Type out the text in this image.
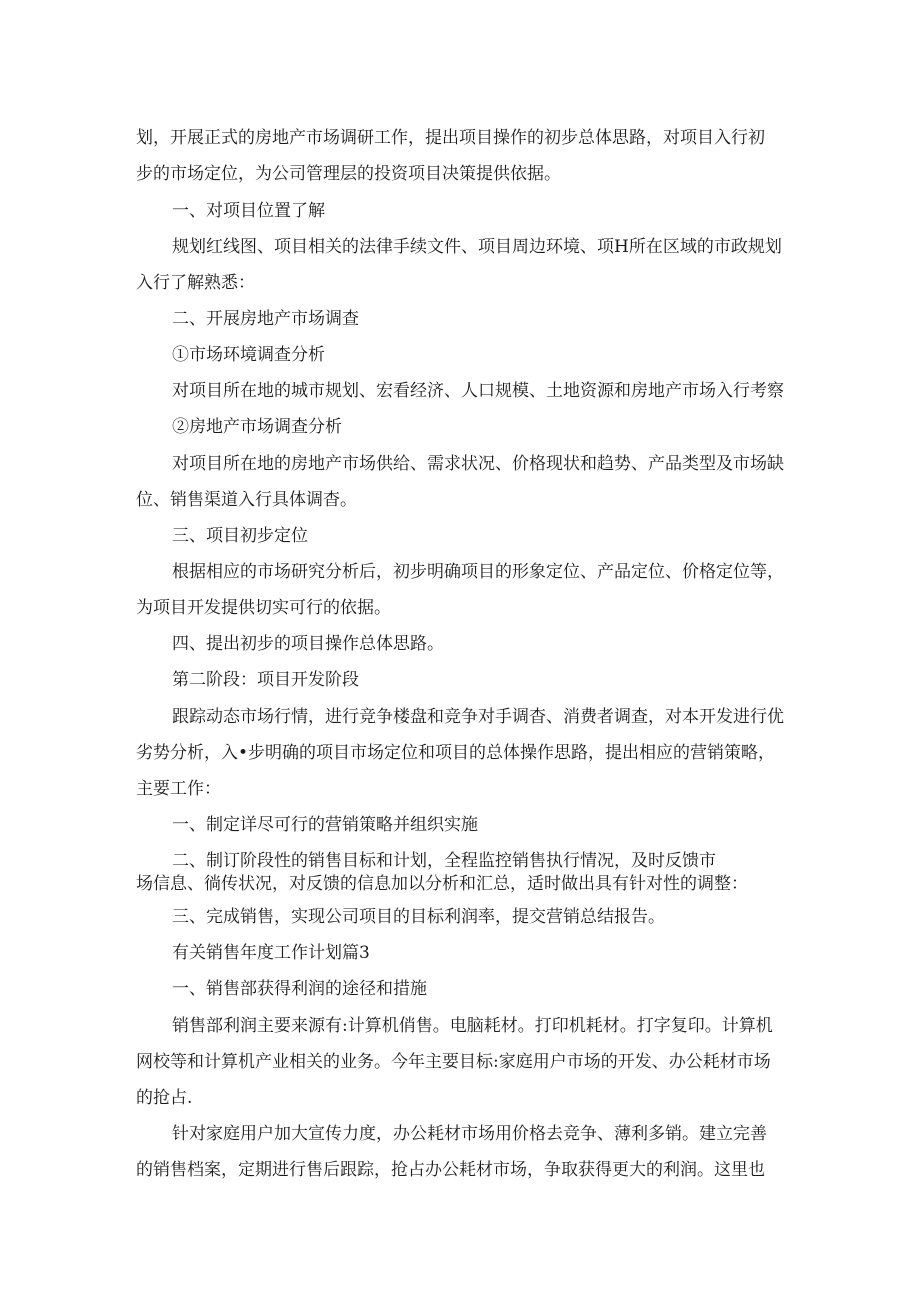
划，开展正式的房地产市场调研工作，提出项目操作的初步总体思路，对项目入行初
步的市场定位，为公司管理层的投资项目决策提供依据。
一、对项目位置了解
规划红线图、项目相关的法律手续文件、项目周边环境、项H所在区域的市政规划
入行了解熟悉：
二、开展房地产市场调查
①市场环境调查分析
对项目所在地的城市规划、宏看经济、人口规模、土地资源和房地产市场入行考察
②房地产市场调查分析
对项目所在地的房地产市场供给、需求状况、价格现状和趋势、产品类型及市场缺
位、销售渠道入行具体调杳。
三、项目初步定位
根据相应的市场研究分析后，初步明确项目的形象定位、产品定位、价格定位等，
为项目开发提供切实可行的依据。
四、提出初步的项目操作总体思路。
第二阶段：项目开发阶段
跟踪动态市场行情，进行竞争楼盘和竞争对手调杳、消费者调查，对本开发进行优
劣势分析，入•步明确的项目市场定位和项目的总体操作思路，提出相应的营销策略，
主要工作：
一、制定详尽可行的营销策略并组织实施
二、制订阶段性的销售目标和计划，全程监控销售执行情况，及时反馈市
场信息、徜传状况，对反馈的信息加以分析和汇总，适时做出具有针对性的调整：
三、完成销售，实现公司项目的目标利润率，提交营销总结报告。
有关销售年度工作计划篇3
一、销售部获得利润的途径和措施
销售部利润主要来源有:计算机俏售。电脑耗材。打印机耗材。打字复印。计算机
网校等和计算机产业相关的业务。今年主要目标:家庭用户市场的开发、办公耗材市场
的抢占.
针对家庭用户加大宣传力度，办公耗材市场用价格去竞争、薄利多销。建立完善
的销售档案，定期进行售后跟踪，抢占办公耗材市场，争取获得更大的利润。这里也
